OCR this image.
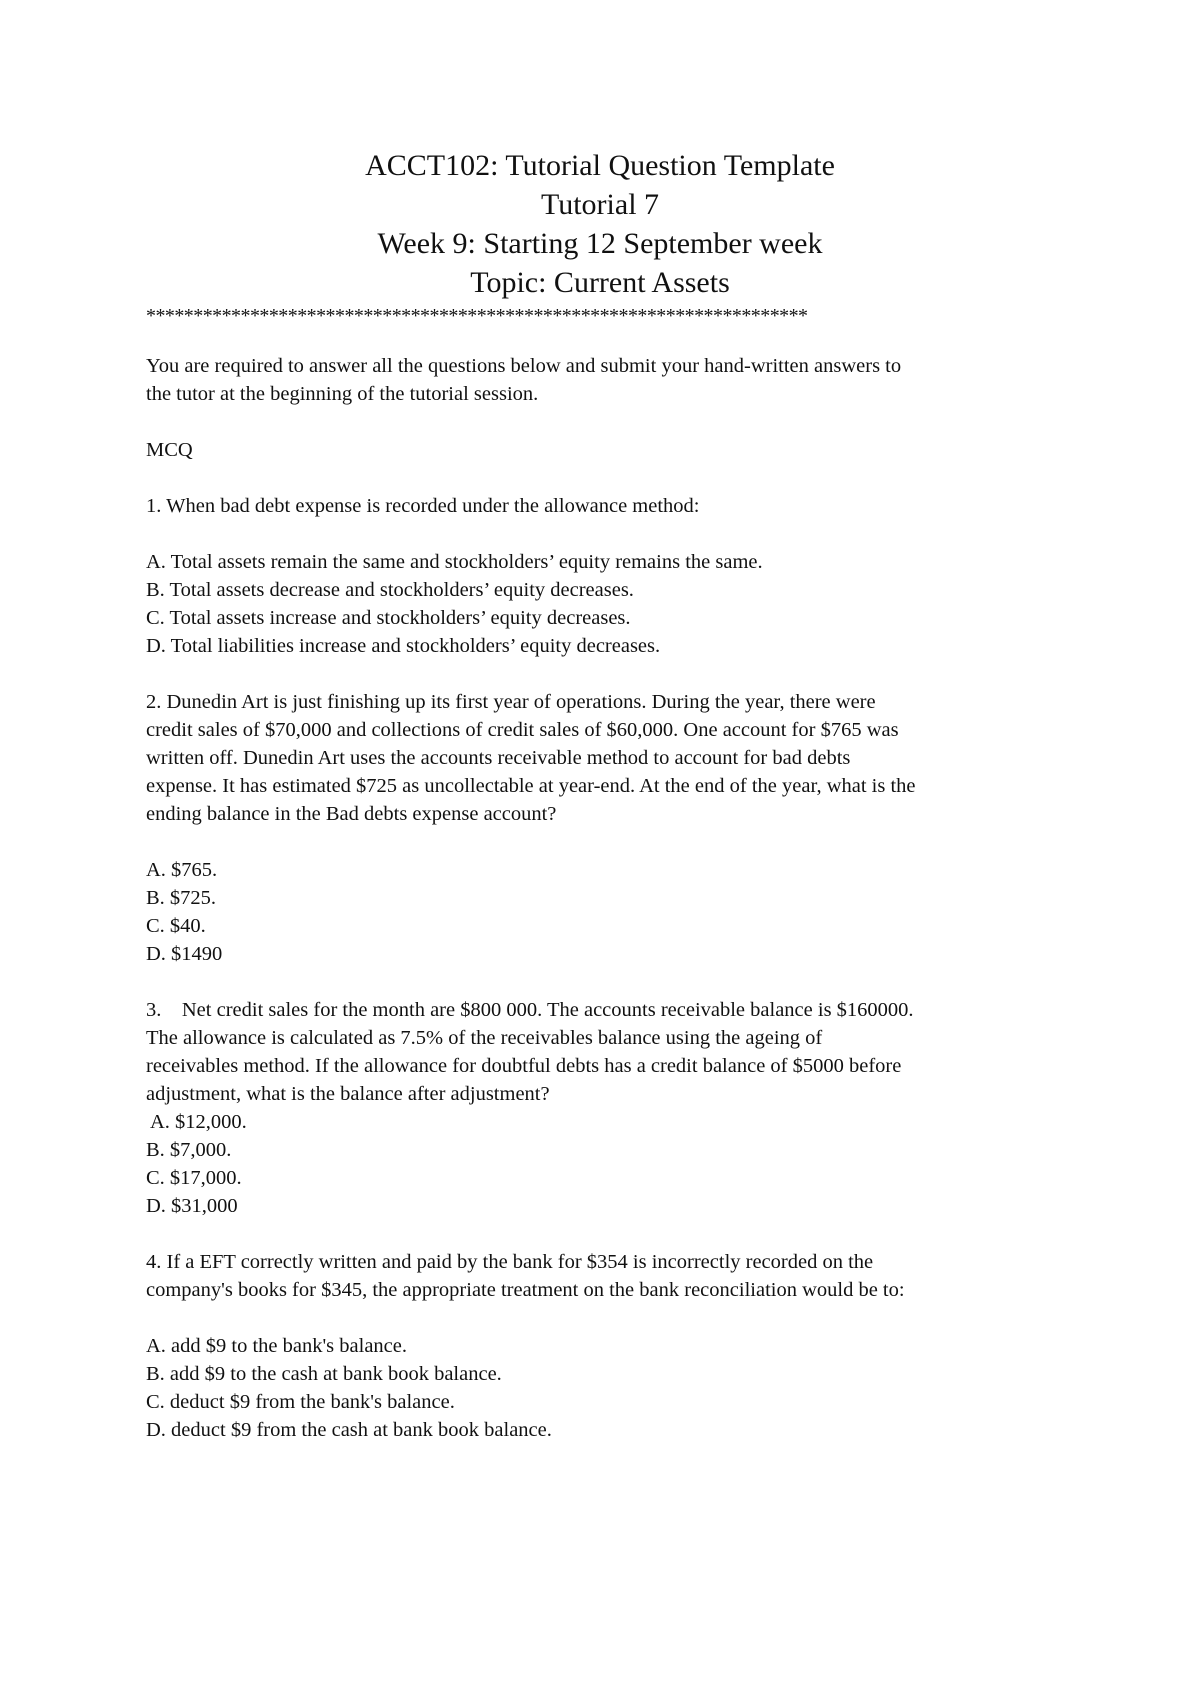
ACCT102: Tutorial Question Template

Tutorial 7

Week 9: Starting 12 September week

Topic: Current Assets

**********************************************************************
You are required to answer all the questions below and submit your hand-written answers to
the tutor at the beginning of the tutorial session.
MCQ
1. When bad debt expense is recorded under the allowance method:
A. Total assets remain the same and stockholders’ equity remains the same.
B. Total assets decrease and stockholders’ equity decreases.
C. Total assets increase and stockholders’ equity decreases.
D. Total liabilities increase and stockholders’ equity decreases.
2. Dunedin Art is just finishing up its first year of operations. During the year, there were
credit sales of $70,000 and collections of credit sales of $60,000. One account for $765 was
written off. Dunedin Art uses the accounts receivable method to account for bad debts
expense. It has estimated $725 as uncollectable at year-end. At the end of the year, what is the
ending balance in the Bad debts expense account?
A. $765.
B. $725.
C. $40.
D. $1490
3.    Net credit sales for the month are $800 000. The accounts receivable balance is $160000.
The allowance is calculated as 7.5% of the receivables balance using the ageing of
receivables method. If the allowance for doubtful debts has a credit balance of $5000 before
adjustment, what is the balance after adjustment?
A. $12,000.
B. $7,000.
C. $17,000.
D. $31,000
4. If a EFT correctly written and paid by the bank for $354 is incorrectly recorded on the
company's books for $345, the appropriate treatment on the bank reconciliation would be to:
A. add $9 to the bank's balance.
B. add $9 to the cash at bank book balance.
C. deduct $9 from the bank's balance.
D. deduct $9 from the cash at bank book balance.
